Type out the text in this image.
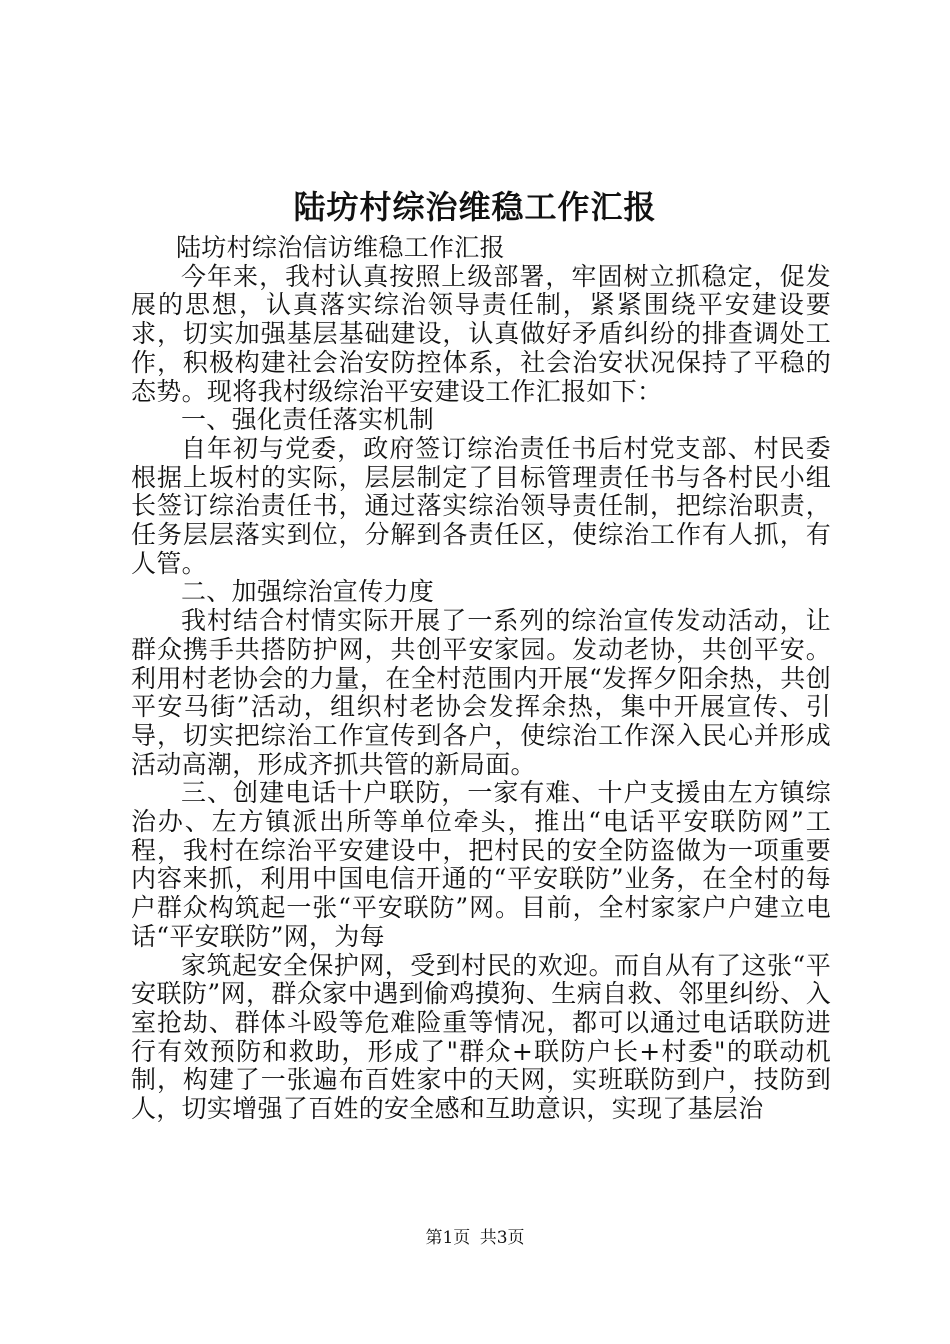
陆坊村综治维稳工作汇报

陆坊村综治信访维稳工作汇报

今年来，我村认真按照上级部署，牢固树立抓稳定，促发展的思想，认真落实综治领导责任制，紧紧围绕平安建设要求，切实加强基层基础建设，认真做好矛盾纠纷的排查调处工作，积极构建社会治安防控体系，社会治安状况保持了平稳的态势。现将我村级综治平安建设工作汇报如下：

一、强化责任落实机制

自年初与党委，政府签订综治责任书后村党支部、村民委根据上坂村的实际，层层制定了目标管理责任书与各村民小组长签订综治责任书，通过落实综治领导责任制，把综治职责，任务层层落实到位，分解到各责任区，使综治工作有人抓，有人管。

二、加强综治宣传力度

我村结合村情实际开展了一系列的综治宣传发动活动，让群众携手共搭防护网，共创平安家园。发动老协，共创平安。利用村老协会的力量，在全村范围内开展“发挥夕阳余热，共创平安马街”活动，组织村老协会发挥余热，集中开展宣传、引导，切实把综治工作宣传到各户，使综治工作深入民心并形成活动高潮，形成齐抓共管的新局面。

三、创建电话十户联防，一家有难、十户支援由左方镇综治办、左方镇派出所等单位牵头，推出“电话平安联防网”工程，我村在综治平安建设中，把村民的安全防盗做为一项重要内容来抓，利用中国电信开通的“平安联防”业务，在全村的每户群众构筑起一张“平安联防”网。目前，全村家家户户建立电话“平安联防”网，为每

家筑起安全保护网，受到村民的欢迎。而自从有了这张“平安联防”网，群众家中遇到偷鸡摸狗、生病自救、邻里纠纷、入室抢劫、群体斗殴等危难险重等情况，都可以通过电话联防进行有效预防和救助，形成了"群众+联防户长+村委"的联动机制，构建了一张遍布百姓家中的天网，实班联防到户，技防到人，切实增强了百姓的安全感和互助意识，实现了基层治

第1页 共3页
